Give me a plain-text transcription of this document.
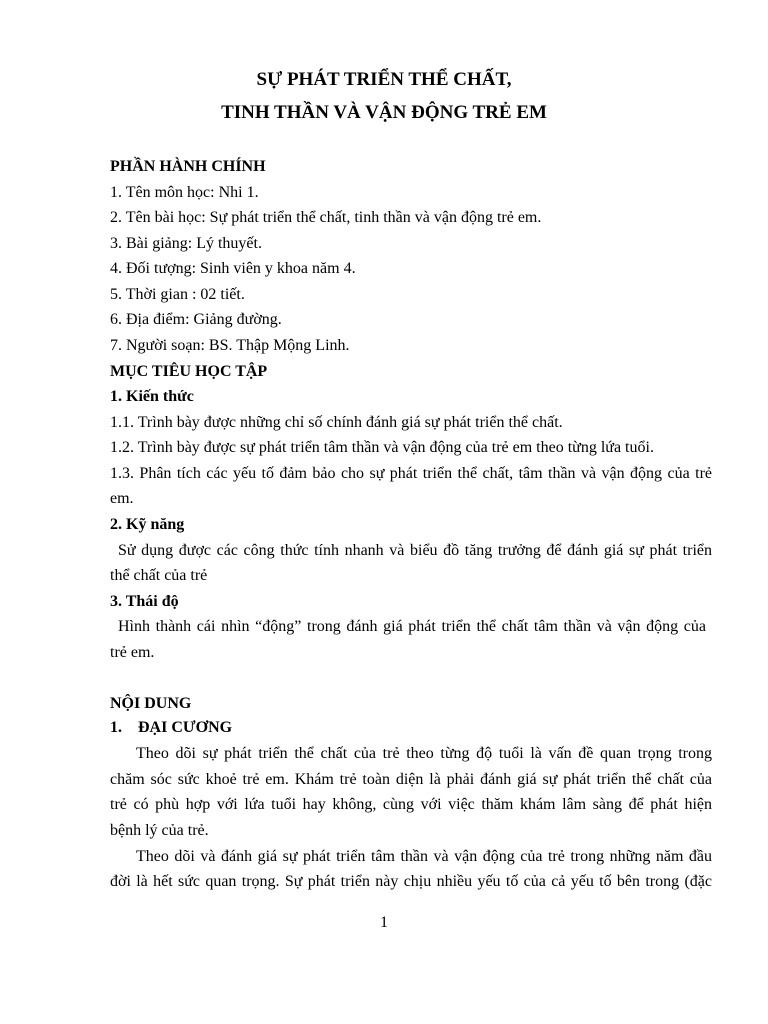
SỰ PHÁT TRIỂN THỂ CHẤT,
TINH THẦN VÀ VẬN ĐỘNG TRẺ EM
PHẦN HÀNH CHÍNH
1. Tên môn học: Nhi 1.
2. Tên bài học: Sự phát triển thể chất, tinh thần và vận động trẻ em.
3. Bài giảng: Lý thuyết.
4. Đối tượng: Sinh viên y khoa năm 4.
5. Thời gian : 02 tiết.
6. Địa điểm: Giảng đường.
7. Người soạn: BS. Thập Mộng Linh.
MỤC TIÊU HỌC TẬP
1. Kiến thức
1.1. Trình bày được những chỉ số chính đánh giá sự phát triển thể chất.
1.2. Trình bày được sự phát triển tâm thần và vận động của trẻ em theo từng lứa tuổi.
1.3. Phân tích các yếu tố đảm bảo cho sự phát triển thể chất, tâm thần và vận động của trẻ
em.
2. Kỹ năng
Sử dụng được các công thức tính nhanh và biểu đồ tăng trưởng để đánh giá sự phát triển
thể chất của trẻ
3. Thái độ
Hình thành cái nhìn “động” trong đánh giá phát triển thể chất tâm thần và vận động của
trẻ em.
NỘI DUNG
1. ĐẠI CƯƠNG
Theo dõi sự phát triển thể chất của trẻ theo từng độ tuổi là vấn đề quan trọng trong
chăm sóc sức khoẻ trẻ em. Khám trẻ toàn diện là phải đánh giá sự phát triển thể chất của
trẻ có phù hợp với lứa tuổi hay không, cùng với việc thăm khám lâm sàng để phát hiện
bệnh lý của trẻ.
Theo dõi và đánh giá sự phát triển tâm thần và vận động của trẻ trong những năm đầu
đời là hết sức quan trọng. Sự phát triển này chịu nhiều yếu tố của cả yếu tố bên trong (đặc
1
